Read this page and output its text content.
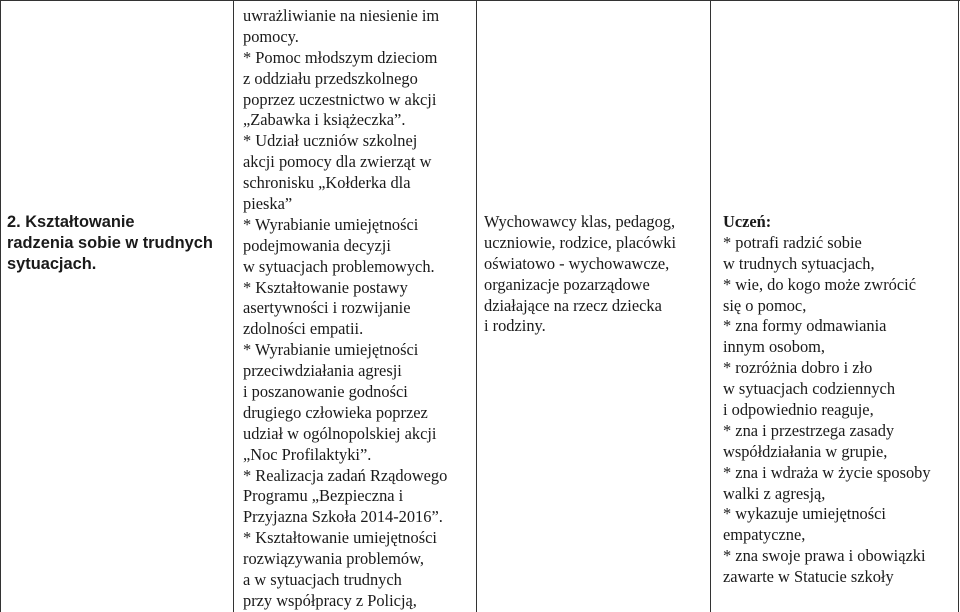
2. Kształtowanie
radzenia sobie w trudnych
sytuacjach.
uwrażliwianie na niesienie im
pomocy.
* Pomoc młodszym dzieciom
z oddziału przedszkolnego
poprzez uczestnictwo w akcji
„Zabawka i książeczka”.
* Udział uczniów szkolnej
akcji pomocy dla zwierząt w
schronisku „Kołderka dla
pieska”
* Wyrabianie umiejętności
podejmowania decyzji
w sytuacjach problemowych.
* Kształtowanie postawy
asertywności i rozwijanie
zdolności empatii.
* Wyrabianie umiejętności
przeciwdziałania agresji
i poszanowanie godności
drugiego człowieka poprzez
udział w ogólnopolskiej akcji
„Noc Profilaktyki”.
* Realizacja zadań Rządowego
Programu „Bezpieczna i
Przyjazna Szkoła 2014-2016”.
* Kształtowanie umiejętności
rozwiązywania problemów,
a w sytuacjach trudnych
przy współpracy z Policją,
Wychowawcy klas, pedagog,
uczniowie, rodzice, placówki
oświatowo - wychowawcze,
organizacje pozarządowe
działające na rzecz dziecka
i rodziny.
Uczeń:
* potrafi radzić sobie
w trudnych sytuacjach,
* wie, do kogo może zwrócić
się o pomoc,
* zna formy odmawiania
innym osobom,
* rozróżnia dobro i zło
w sytuacjach codziennych
i odpowiednio reaguje,
* zna i przestrzega zasady
współdziałania w grupie,
* zna i wdraża w życie sposoby
walki z agresją,
* wykazuje umiejętności
empatyczne,
* zna swoje prawa i obowiązki
zawarte w Statucie szkoły
